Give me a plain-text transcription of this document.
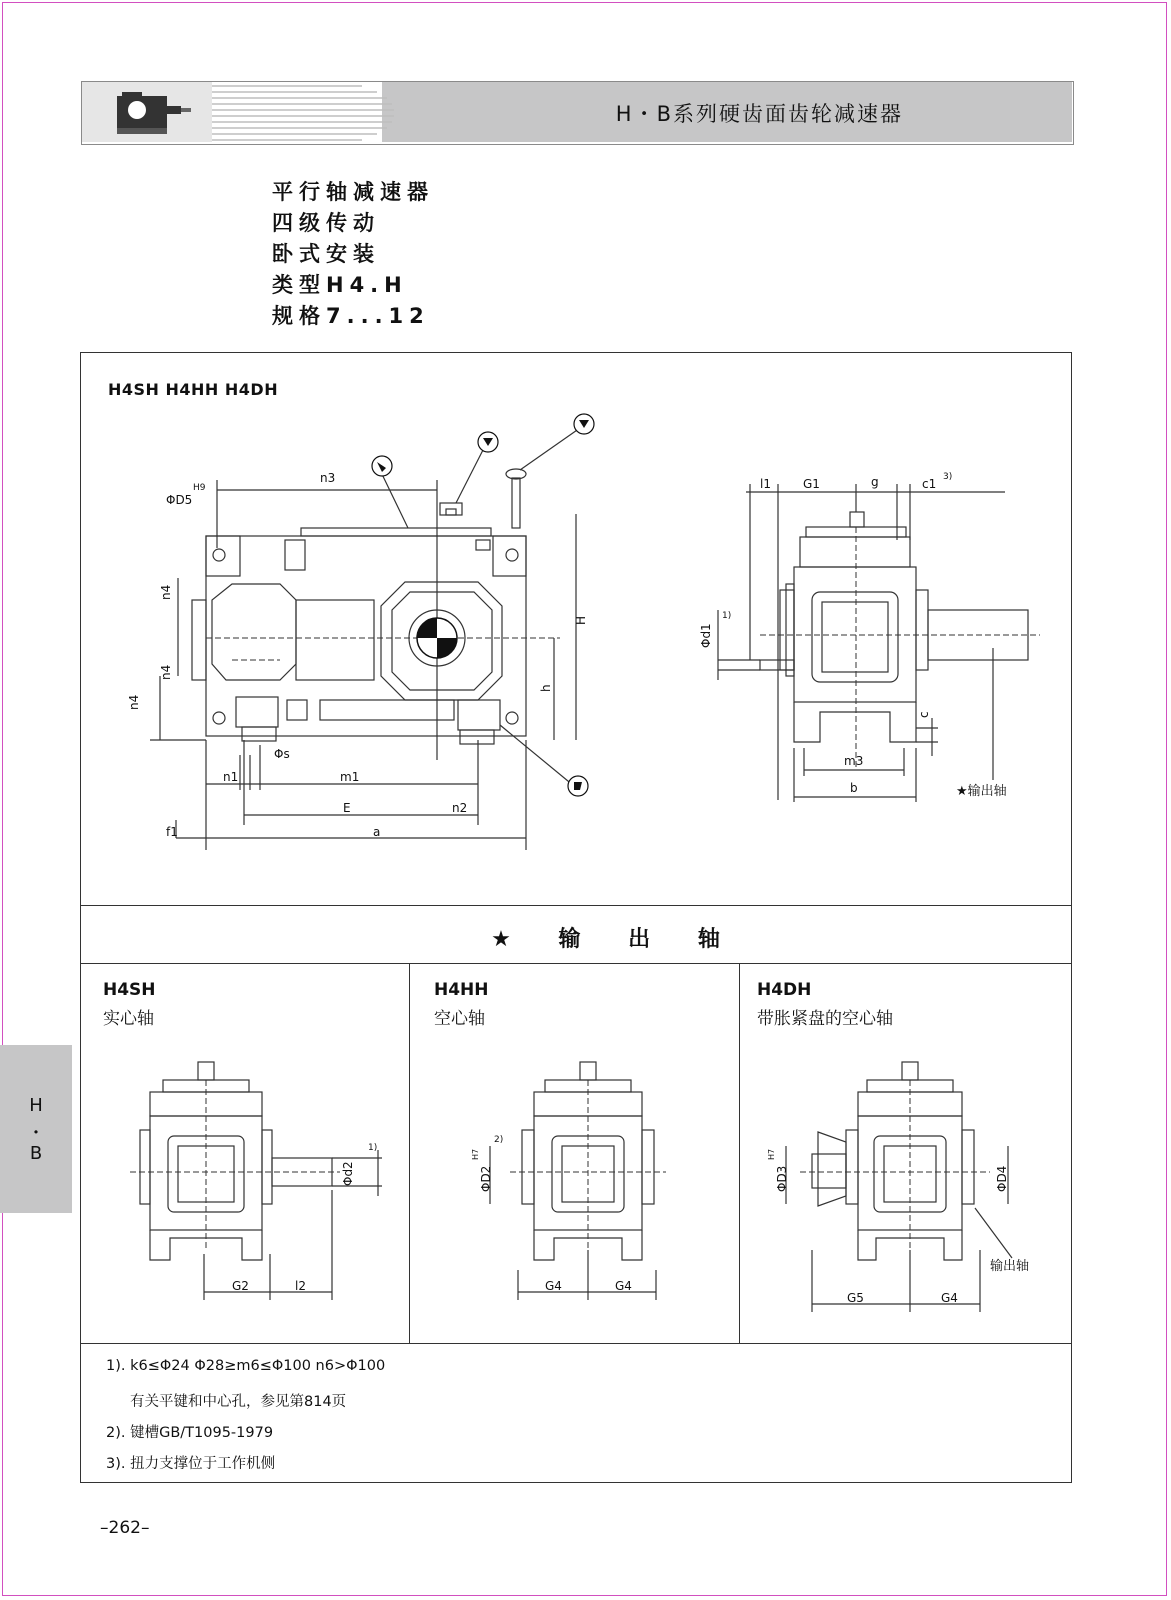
H・B系列硬齿面齿轮减速器
平行轴减速器
四级传动
卧式安装
类型H4.H
规格7...12
H4SH H4HH H4DH
n3
H9
ΦD5
n4
n4
n4
H
h
Φs
n1	m1
E	n2
f1	a
l1	G1	g	c1 3)
Φd1
1)
c
m3
b	★输出轴
★ 输 出 轴
H4SH
实心轴
H4HH
空心轴
H4DH
带胀紧盘的空心轴
G2	l2
Φd2
1)
G4	G4
ΦD2
H7
2)
G5	G4
ΦD3
H7
ΦD4
输出轴
1). k6≤Φ24 Φ28≥m6≤Φ100 n6>Φ100
有关平键和中心孔，参见第814页
2). 键槽GB/T1095-1979
3). 扭力支撑位于工作机侧
H
・
B
–262–
